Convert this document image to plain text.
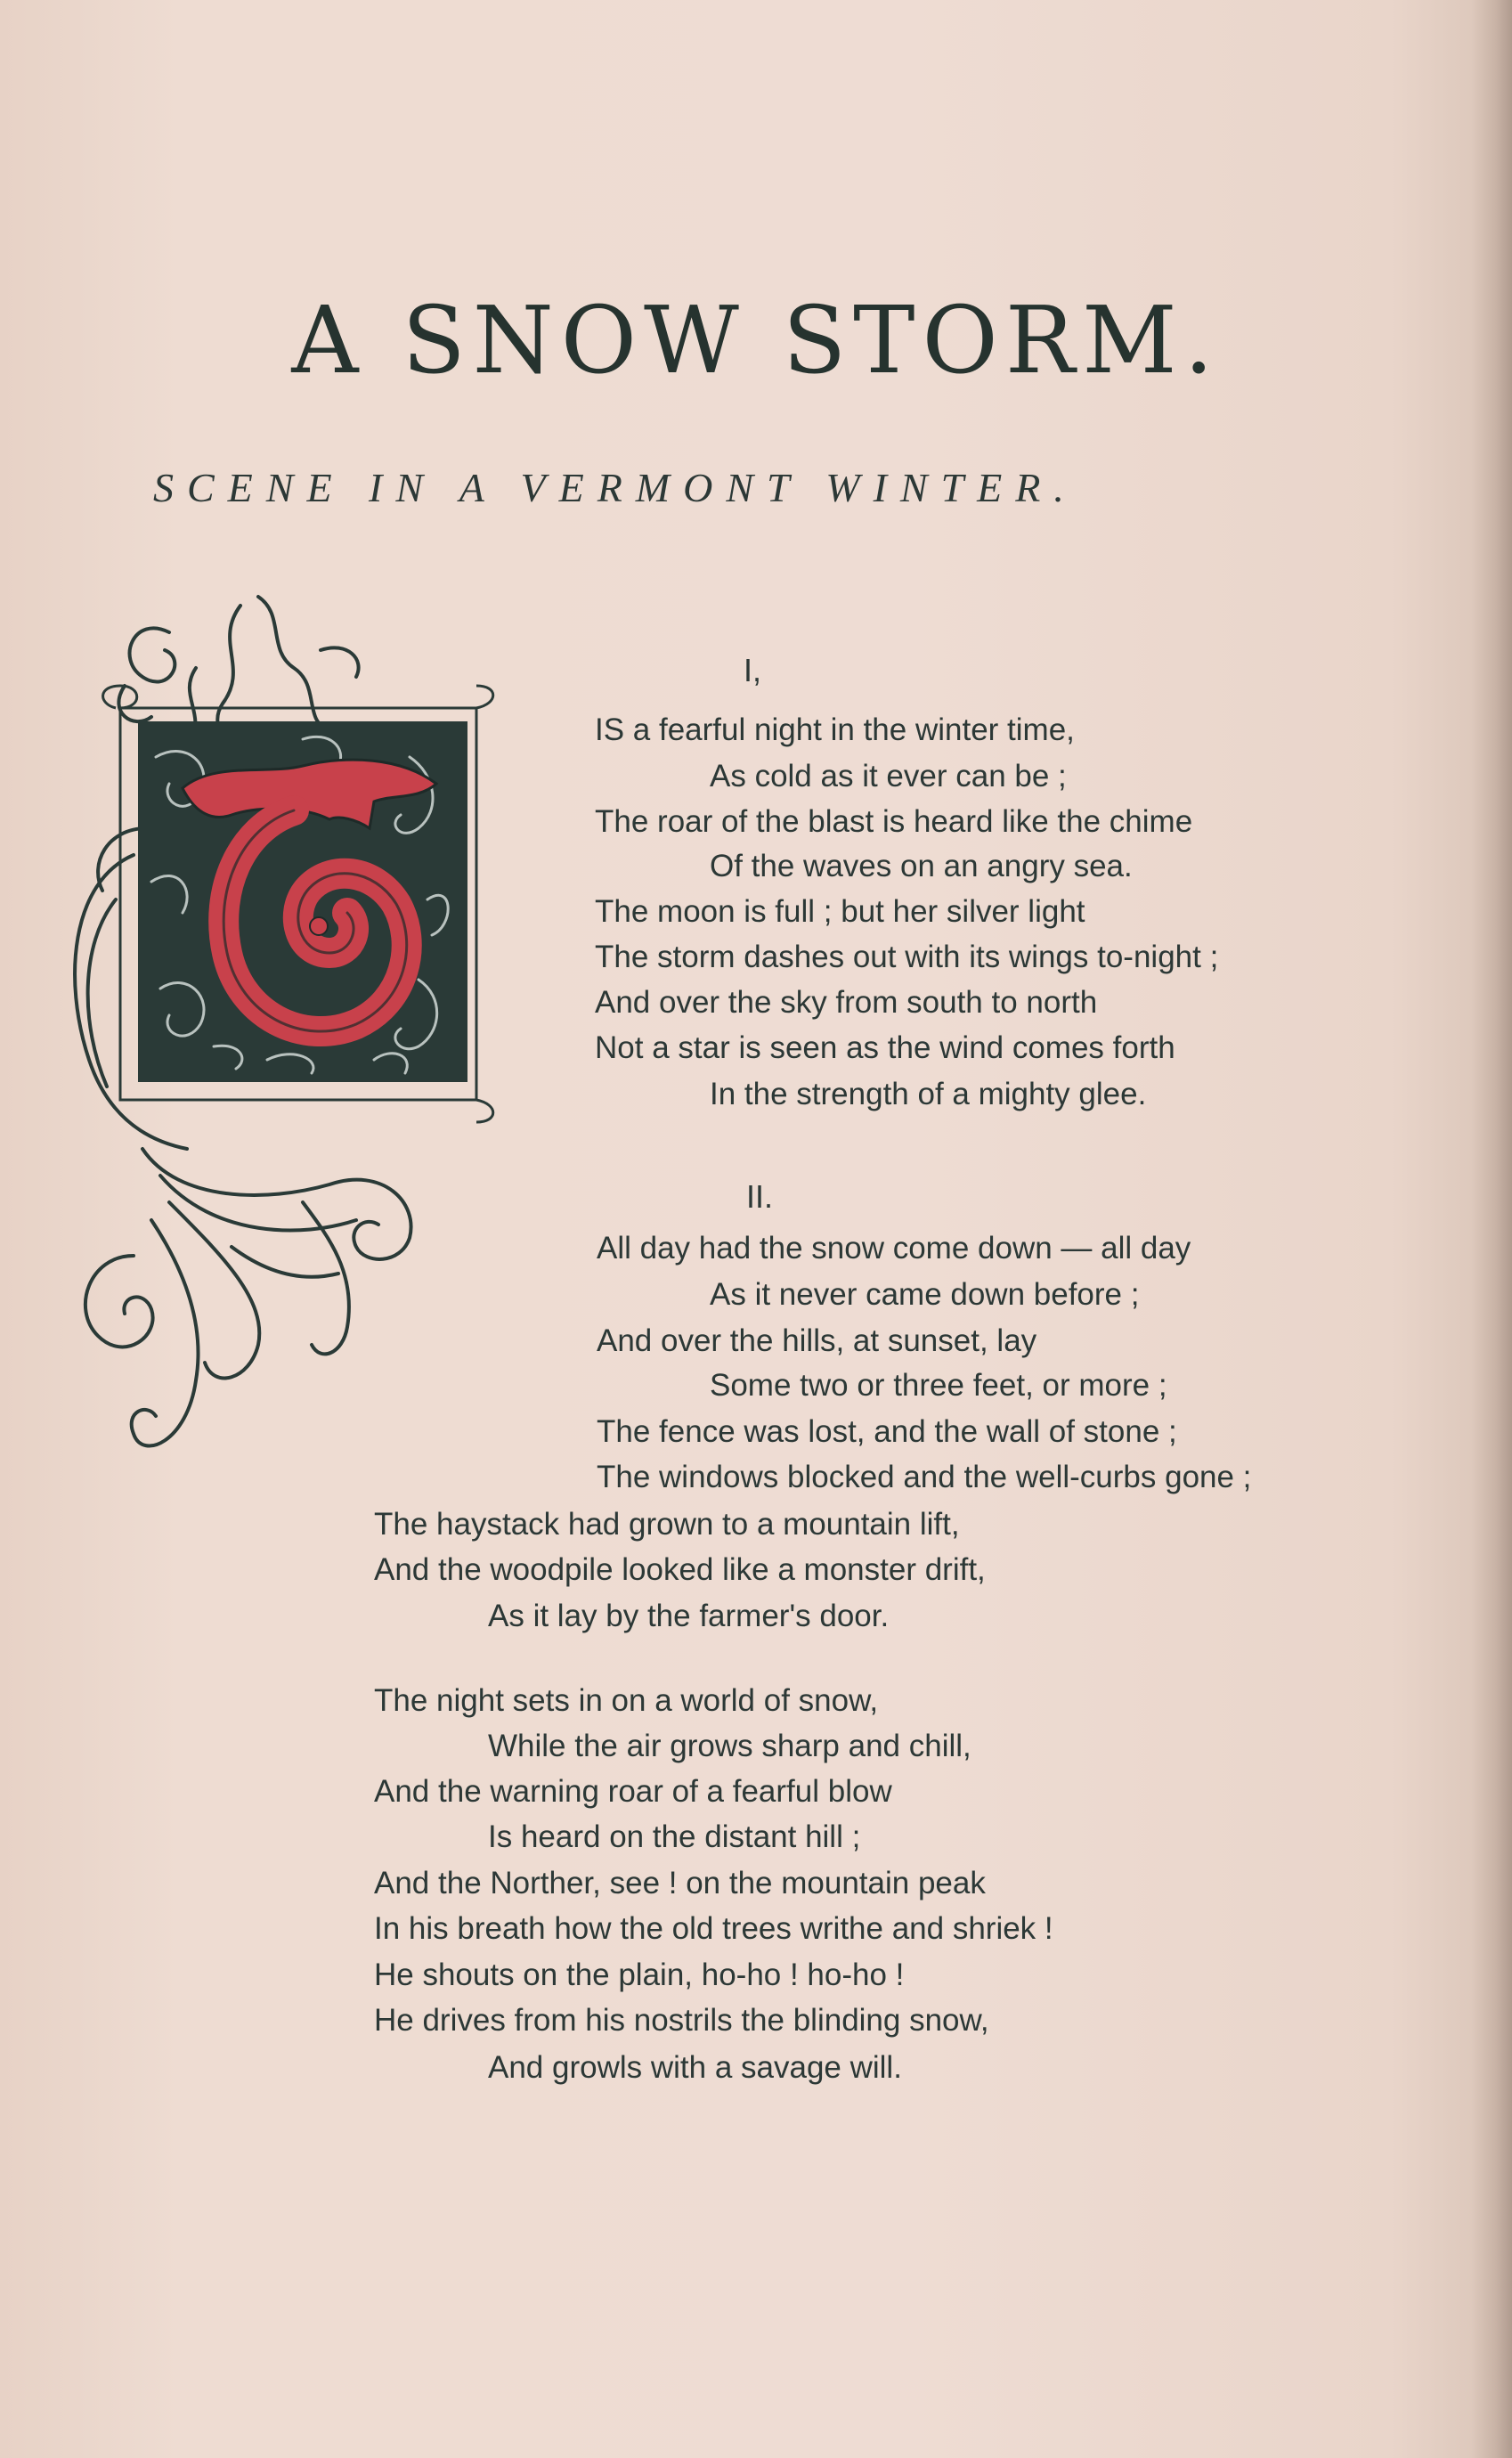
A SNOW STORM.
SCENE IN A VERMONT WINTER.
I,
IS a fearful night in the winter time,
As cold as it ever can be ;
The roar of the blast is heard like the chime
Of the waves on an angry sea.
The moon is full ; but her silver light
The storm dashes out with its wings to-night ;
And over the sky from south to north
Not a star is seen as the wind comes forth
In the strength of a mighty glee.
II.
All day had the snow come down — all day
As it never came down before ;
And over the hills, at sunset, lay
Some two or three feet, or more ;
The fence was lost, and the wall of stone ;
The windows blocked and the well-curbs gone ;
The haystack had grown to a mountain lift,
And the woodpile looked like a monster drift,
As it lay by the farmer's door.
The night sets in on a world of snow,
While the air grows sharp and chill,
And the warning roar of a fearful blow
Is heard on the distant hill ;
And the Norther, see ! on the mountain peak
In his breath how the old trees writhe and shriek !
He shouts on the plain, ho-ho ! ho-ho !
He drives from his nostrils the blinding snow,
And growls with a savage will.
